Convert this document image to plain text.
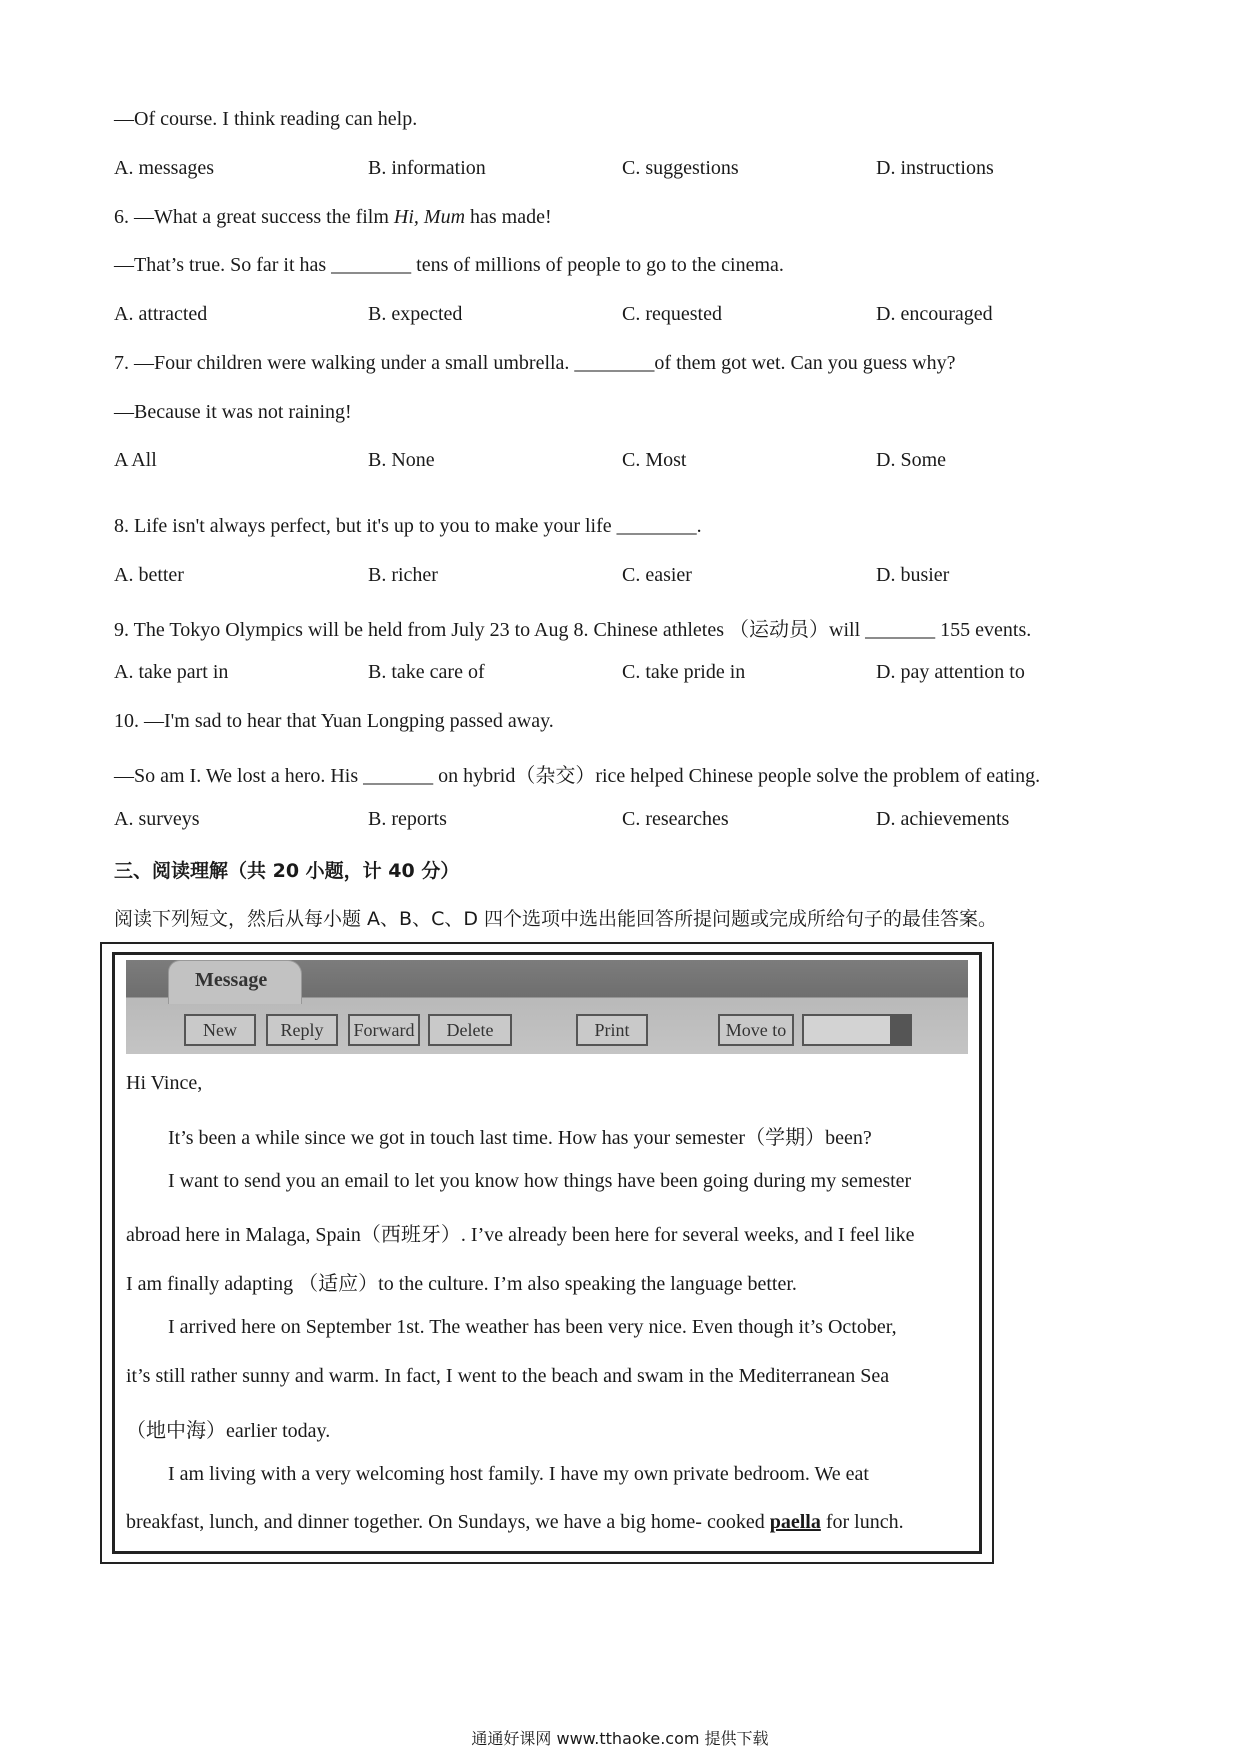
—Of course. I think reading can help.
A. messages	B. information	C. suggestions	D. instructions
6. —What a great success the film Hi, Mum has made!
—That’s true. So far it has ________ tens of millions of people to go to the cinema.
A. attracted	B. expected	C. requested	D. encouraged
7. —Four children were walking under a small umbrella. ________of them got wet. Can you guess why?
—Because it was not raining!
A All	B. None	C. Most	D. Some
8. Life isn't always perfect, but it's up to you to make your life ________.
A. better	B. richer	C. easier	D. busier
9. The Tokyo Olympics will be held from July 23 to Aug 8. Chinese athletes （运动员）will _______ 155 events.
A. take part in	B. take care of	C. take pride in	D. pay attention to
10. —I'm sad to hear that Yuan Longping passed away.
—So am I. We lost a hero. His _______ on hybrid（杂交）rice helped Chinese people solve the problem of eating.
A. surveys	B. reports	C. researches	D. achievements
三、阅读理解（共 20 小题，计 40 分）
阅读下列短文，然后从每小题 A、B、C、D 四个选项中选出能回答所提问题或完成所给句子的最佳答案。
Message
New	Reply	Forward	Delete	Print	Move to
Hi Vince,
It’s been a while since we got in touch last time. How has your semester（学期）been?
I want to send you an email to let you know how things have been going during my semester
abroad here in Malaga, Spain（西班牙）. I’ve already been here for several weeks, and I feel like
I am finally adapting （适应）to the culture. I’m also speaking the language better.
I arrived here on September 1st. The weather has been very nice. Even though it’s October,
it’s still rather sunny and warm. In fact, I went to the beach and swam in the Mediterranean Sea
（地中海）earlier today.
I am living with a very welcoming host family. I have my own private bedroom. We eat
breakfast, lunch, and dinner together. On Sundays, we have a big home- cooked paella for lunch.
通通好课网 www.tthaoke.com 提供下载
